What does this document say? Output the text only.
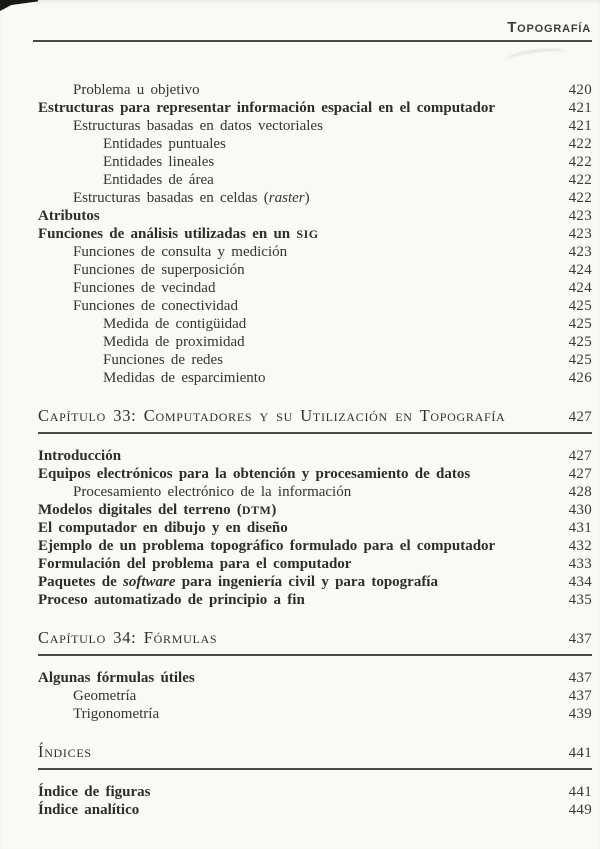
Topografía
Problema u objetivo	420
Estructuras para representar información espacial en el computador	421
Estructuras basadas en datos vectoriales	421
Entidades puntuales	422
Entidades lineales	422
Entidades de área	422
Estructuras basadas en celdas (raster)	422
Atributos	423
Funciones de análisis utilizadas en un SIG	423
Funciones de consulta y medición	423
Funciones de superposición	424
Funciones de vecindad	424
Funciones de conectividad	425
Medida de contigüidad	425
Medida de proximidad	425
Funciones de redes	425
Medidas de esparcimiento	426
Capítulo 33: Computadores y su Utilización en Topografía	427
Introducción	427
Equipos electrónicos para la obtención y procesamiento de datos	427
Procesamiento electrónico de la información	428
Modelos digitales del terreno (DTM)	430
El computador en dibujo y en diseño	431
Ejemplo de un problema topográfico formulado para el computador	432
Formulación del problema para el computador	433
Paquetes de software para ingeniería civil y para topografía	434
Proceso automatizado de principio a fin	435
Capítulo 34: Fórmulas	437
Algunas fórmulas útiles	437
Geometría	437
Trigonometría	439
Índices	441
Índice de figuras	441
Índice analítico	449
